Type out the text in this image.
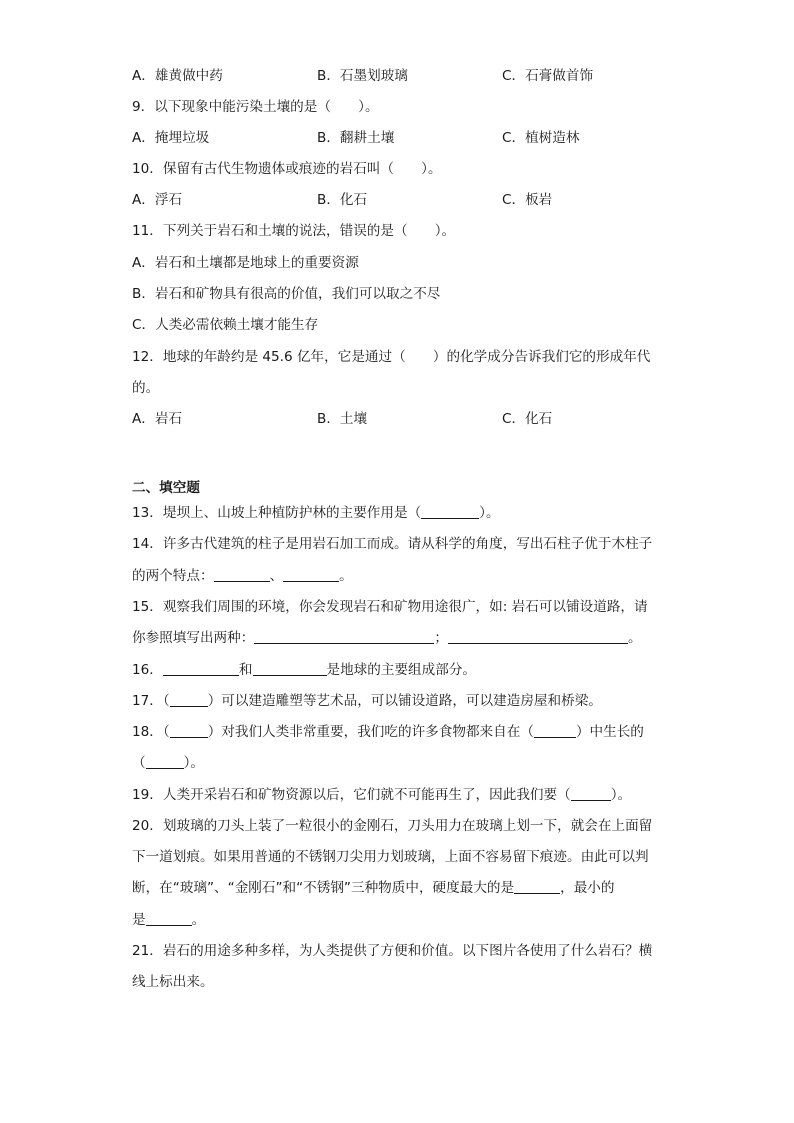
A．雄黄做中药	B．石墨划玻璃	C．石膏做首饰
9．以下现象中能污染土壤的是（　　）。
A．掩埋垃圾	B．翻耕土壤	C．植树造林
10．保留有古代生物遗体或痕迹的岩石叫（　　）。
A．浮石	B．化石	C．板岩
11．下列关于岩石和土壤的说法，错误的是（　　）。
A．岩石和土壤都是地球上的重要资源
B．岩石和矿物具有很高的价值，我们可以取之不尽
C．人类必需依赖土壤才能生存
12．地球的年龄约是 45.6 亿年，它是通过（　　）的化学成分告诉我们它的形成年代
的。
A．岩石	B．土壤	C．化石
二、填空题
13．堤坝上、山坡上种植防护林的主要作用是（	）。
14．许多古代建筑的柱子是用岩石加工而成。请从科学的角度，写出石柱子优于木柱子
的两个特点：	、	。
15．观察我们周围的环境，你会发现岩石和矿物用途很广，如: 岩石可以铺设道路，请
你参照填写出两种：	；	。
16．	和	是地球的主要组成部分。
17．（	）可以建造雕塑等艺术品，可以铺设道路，可以建造房屋和桥梁。
18．（	）对我们人类非常重要，我们吃的许多食物都来自在（	）中生长的
（	）。
19．人类开采岩石和矿物资源以后，它们就不可能再生了，因此我们要（	）。
20．划玻璃的刀头上装了一粒很小的金刚石，刀头用力在玻璃上划一下，就会在上面留
下一道划痕。如果用普通的不锈钢刀尖用力划玻璃，上面不容易留下痕迹。由此可以判
断，在“玻璃”、“金刚石”和“不锈钢”三种物质中，硬度最大的是	，最小的
是	。
21．岩石的用途多种多样，为人类提供了方便和价值。以下图片各使用了什么岩石？横
线上标出来。
